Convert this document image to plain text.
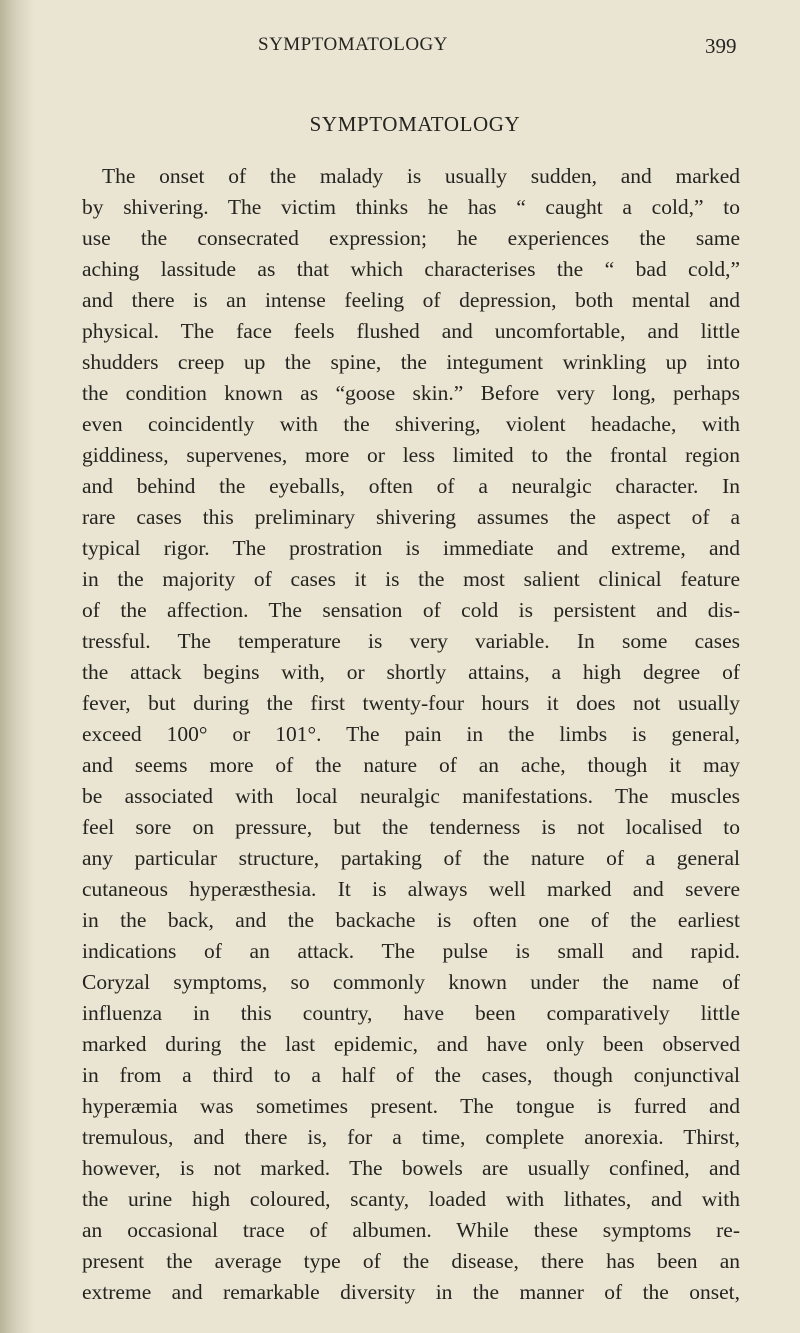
SYMPTOMATOLOGY	399
SYMPTOMATOLOGY
The onset of the malady is usually sudden, and marked
by shivering. The victim thinks he has “ caught a cold,” to
use the consecrated expression; he experiences the same
aching lassitude as that which characterises the “ bad cold,”
and there is an intense feeling of depression, both mental and
physical. The face feels flushed and uncomfortable, and little
shudders creep up the spine, the integument wrinkling up into
the condition known as “goose skin.” Before very long, perhaps
even coincidently with the shivering, violent headache, with
giddiness, supervenes, more or less limited to the frontal region
and behind the eyeballs, often of a neuralgic character. In
rare cases this preliminary shivering assumes the aspect of a
typical rigor. The prostration is immediate and extreme, and
in the majority of cases it is the most salient clinical feature
of the affection. The sensation of cold is persistent and dis-
tressful. The temperature is very variable. In some cases
the attack begins with, or shortly attains, a high degree of
fever, but during the first twenty-four hours it does not usually
exceed 100° or 101°. The pain in the limbs is general,
and seems more of the nature of an ache, though it may
be associated with local neuralgic manifestations. The muscles
feel sore on pressure, but the tenderness is not localised to
any particular structure, partaking of the nature of a general
cutaneous hyperæsthesia. It is always well marked and severe
in the back, and the backache is often one of the earliest
indications of an attack. The pulse is small and rapid.
Coryzal symptoms, so commonly known under the name of
influenza in this country, have been comparatively little
marked during the last epidemic, and have only been observed
in from a third to a half of the cases, though conjunctival
hyperæmia was sometimes present. The tongue is furred and
tremulous, and there is, for a time, complete anorexia. Thirst,
however, is not marked. The bowels are usually confined, and
the urine high coloured, scanty, loaded with lithates, and with
an occasional trace of albumen. While these symptoms re-
present the average type of the disease, there has been an
extreme and remarkable diversity in the manner of the onset,
